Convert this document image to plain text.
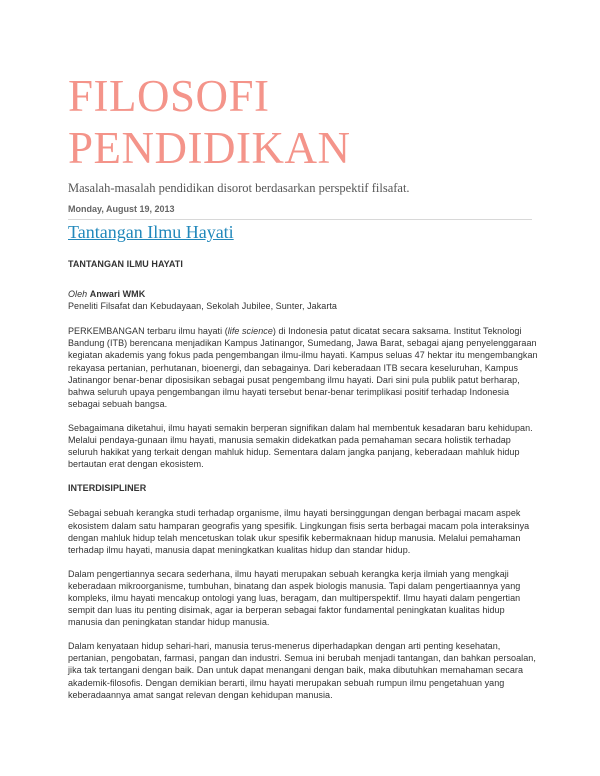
FILOSOFI
PENDIDIKAN
Masalah-masalah pendidikan disorot berdasarkan perspektif filsafat.
Monday, August 19, 2013
Tantangan Ilmu Hayati

TANTANGAN ILMU HAYATI

Oleh Anwari WMK

Peneliti Filsafat dan Kebudayaan, Sekolah Jubilee, Sunter, Jakarta

PERKEMBANGAN terbaru ilmu hayati (life science) di Indonesia patut dicatat secara saksama. Institut Teknologi Bandung (ITB) berencana menjadikan Kampus Jatinangor, Sumedang, Jawa Barat, sebagai ajang penyelenggaraan kegiatan akademis yang fokus pada pengembangan ilmu-ilmu hayati. Kampus seluas 47 hektar itu mengembangkan rekayasa pertanian, perhutanan, bioenergi, dan sebagainya. Dari keberadaan ITB secara keseluruhan, Kampus Jatinangor benar-benar diposisikan sebagai pusat pengembang ilmu hayati. Dari sini pula publik patut berharap, bahwa seluruh upaya pengembangan ilmu hayati tersebut benar-benar terimplikasi positif terhadap Indonesia sebagai sebuah bangsa.

Sebagaimana diketahui, ilmu hayati semakin berperan signifikan dalam hal membentuk kesadaran baru kehidupan. Melalui pendaya-gunaan ilmu hayati, manusia semakin didekatkan pada pemahaman secara holistik terhadap seluruh hakikat yang terkait dengan mahluk hidup. Sementara dalam jangka panjang, keberadaan mahluk hidup bertautan erat dengan ekosistem.

INTERDISIPLINER

Sebagai sebuah kerangka studi terhadap organisme, ilmu hayati bersinggungan dengan berbagai macam aspek ekosistem dalam satu hamparan geografis yang spesifik. Lingkungan fisis serta berbagai macam pola interaksinya dengan mahluk hidup telah mencetuskan tolak ukur spesifik kebermaknaan hidup manusia. Melalui pemahaman terhadap ilmu hayati, manusia dapat meningkatkan kualitas hidup dan standar hidup.

Dalam pengertiannya secara sederhana, ilmu hayati merupakan sebuah kerangka kerja ilmiah yang mengkaji keberadaan mikroorganisme, tumbuhan, binatang dan aspek biologis manusia. Tapi dalam pengertiaannya yang kompleks, ilmu hayati mencakup ontologi yang luas, beragam, dan multiperspektif. Ilmu hayati dalam pengertian sempit dan luas itu penting disimak, agar ia berperan sebagai faktor fundamental peningkatan kualitas hidup manusia dan peningkatan standar hidup manusia.

Dalam kenyataan hidup sehari-hari, manusia terus-menerus diperhadapkan dengan arti penting kesehatan, pertanian, pengobatan, farmasi, pangan dan industri. Semua ini berubah menjadi tantangan, dan bahkan persoalan, jika tak tertangani dengan baik. Dan untuk dapat menangani dengan baik, maka dibutuhkan memahaman secara akademik-filosofis. Dengan demikian berarti, ilmu hayati merupakan sebuah rumpun ilmu pengetahuan yang keberadaannya amat sangat relevan dengan kehidupan manusia.
